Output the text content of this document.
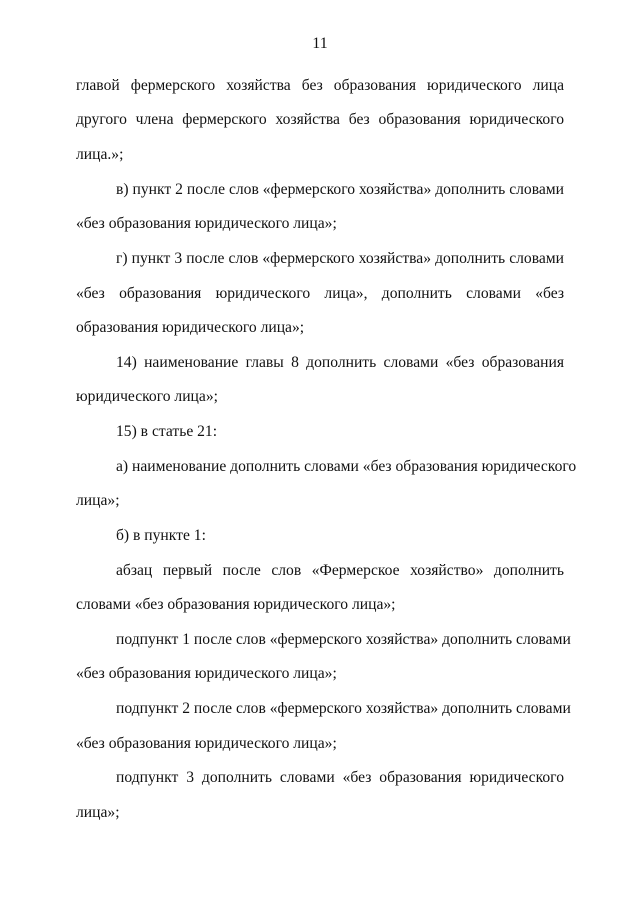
11
главой фермерского хозяйства без образования юридического лица
другого члена фермерского хозяйства без образования юридического
лица.»;
в) пункт 2 после слов «фермерского хозяйства» дополнить словами
«без образования юридического лица»;
г) пункт 3 после слов «фермерского хозяйства» дополнить словами
«без образования юридического лица», дополнить словами «без
образования юридического лица»;
14) наименование главы 8 дополнить словами «без образования
юридического лица»;
15) в статье 21:
а) наименование дополнить словами «без образования юридического
лица»;
б) в пункте 1:
абзац первый после слов «Фермерское хозяйство» дополнить
словами «без образования юридического лица»;
подпункт 1 после слов «фермерского хозяйства» дополнить словами
«без образования юридического лица»;
подпункт 2 после слов «фермерского хозяйства» дополнить словами
«без образования юридического лица»;
подпункт 3 дополнить словами «без образования юридического
лица»;
